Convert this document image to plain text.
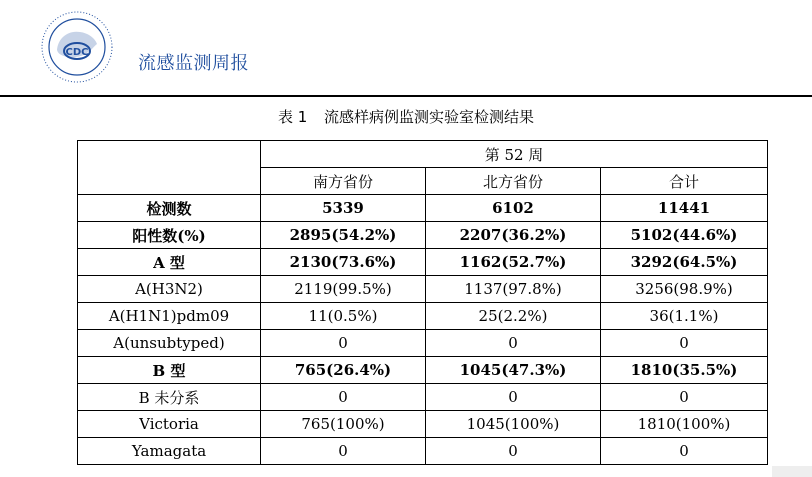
CDC
流感监测周报
表 1 流感样病例监测实验室检测结果
	第 52 周		
	南方省份	北方省份	合计
检测数	5339	6102	11441
阳性数(%)	2895(54.2%)	2207(36.2%)	5102(44.6%)
A 型	2130(73.6%)	1162(52.7%)	3292(64.5%)
A(H3N2)	2119(99.5%)	1137(97.8%)	3256(98.9%)
A(H1N1)pdm09	11(0.5%)	25(2.2%)	36(1.1%)
A(unsubtyped)	0	0	0
B 型	765(26.4%)	1045(47.3%)	1810(35.5%)
B 未分系	0	0	0
Victoria	765(100%)	1045(100%)	1810(100%)
Yamagata	0	0	0
